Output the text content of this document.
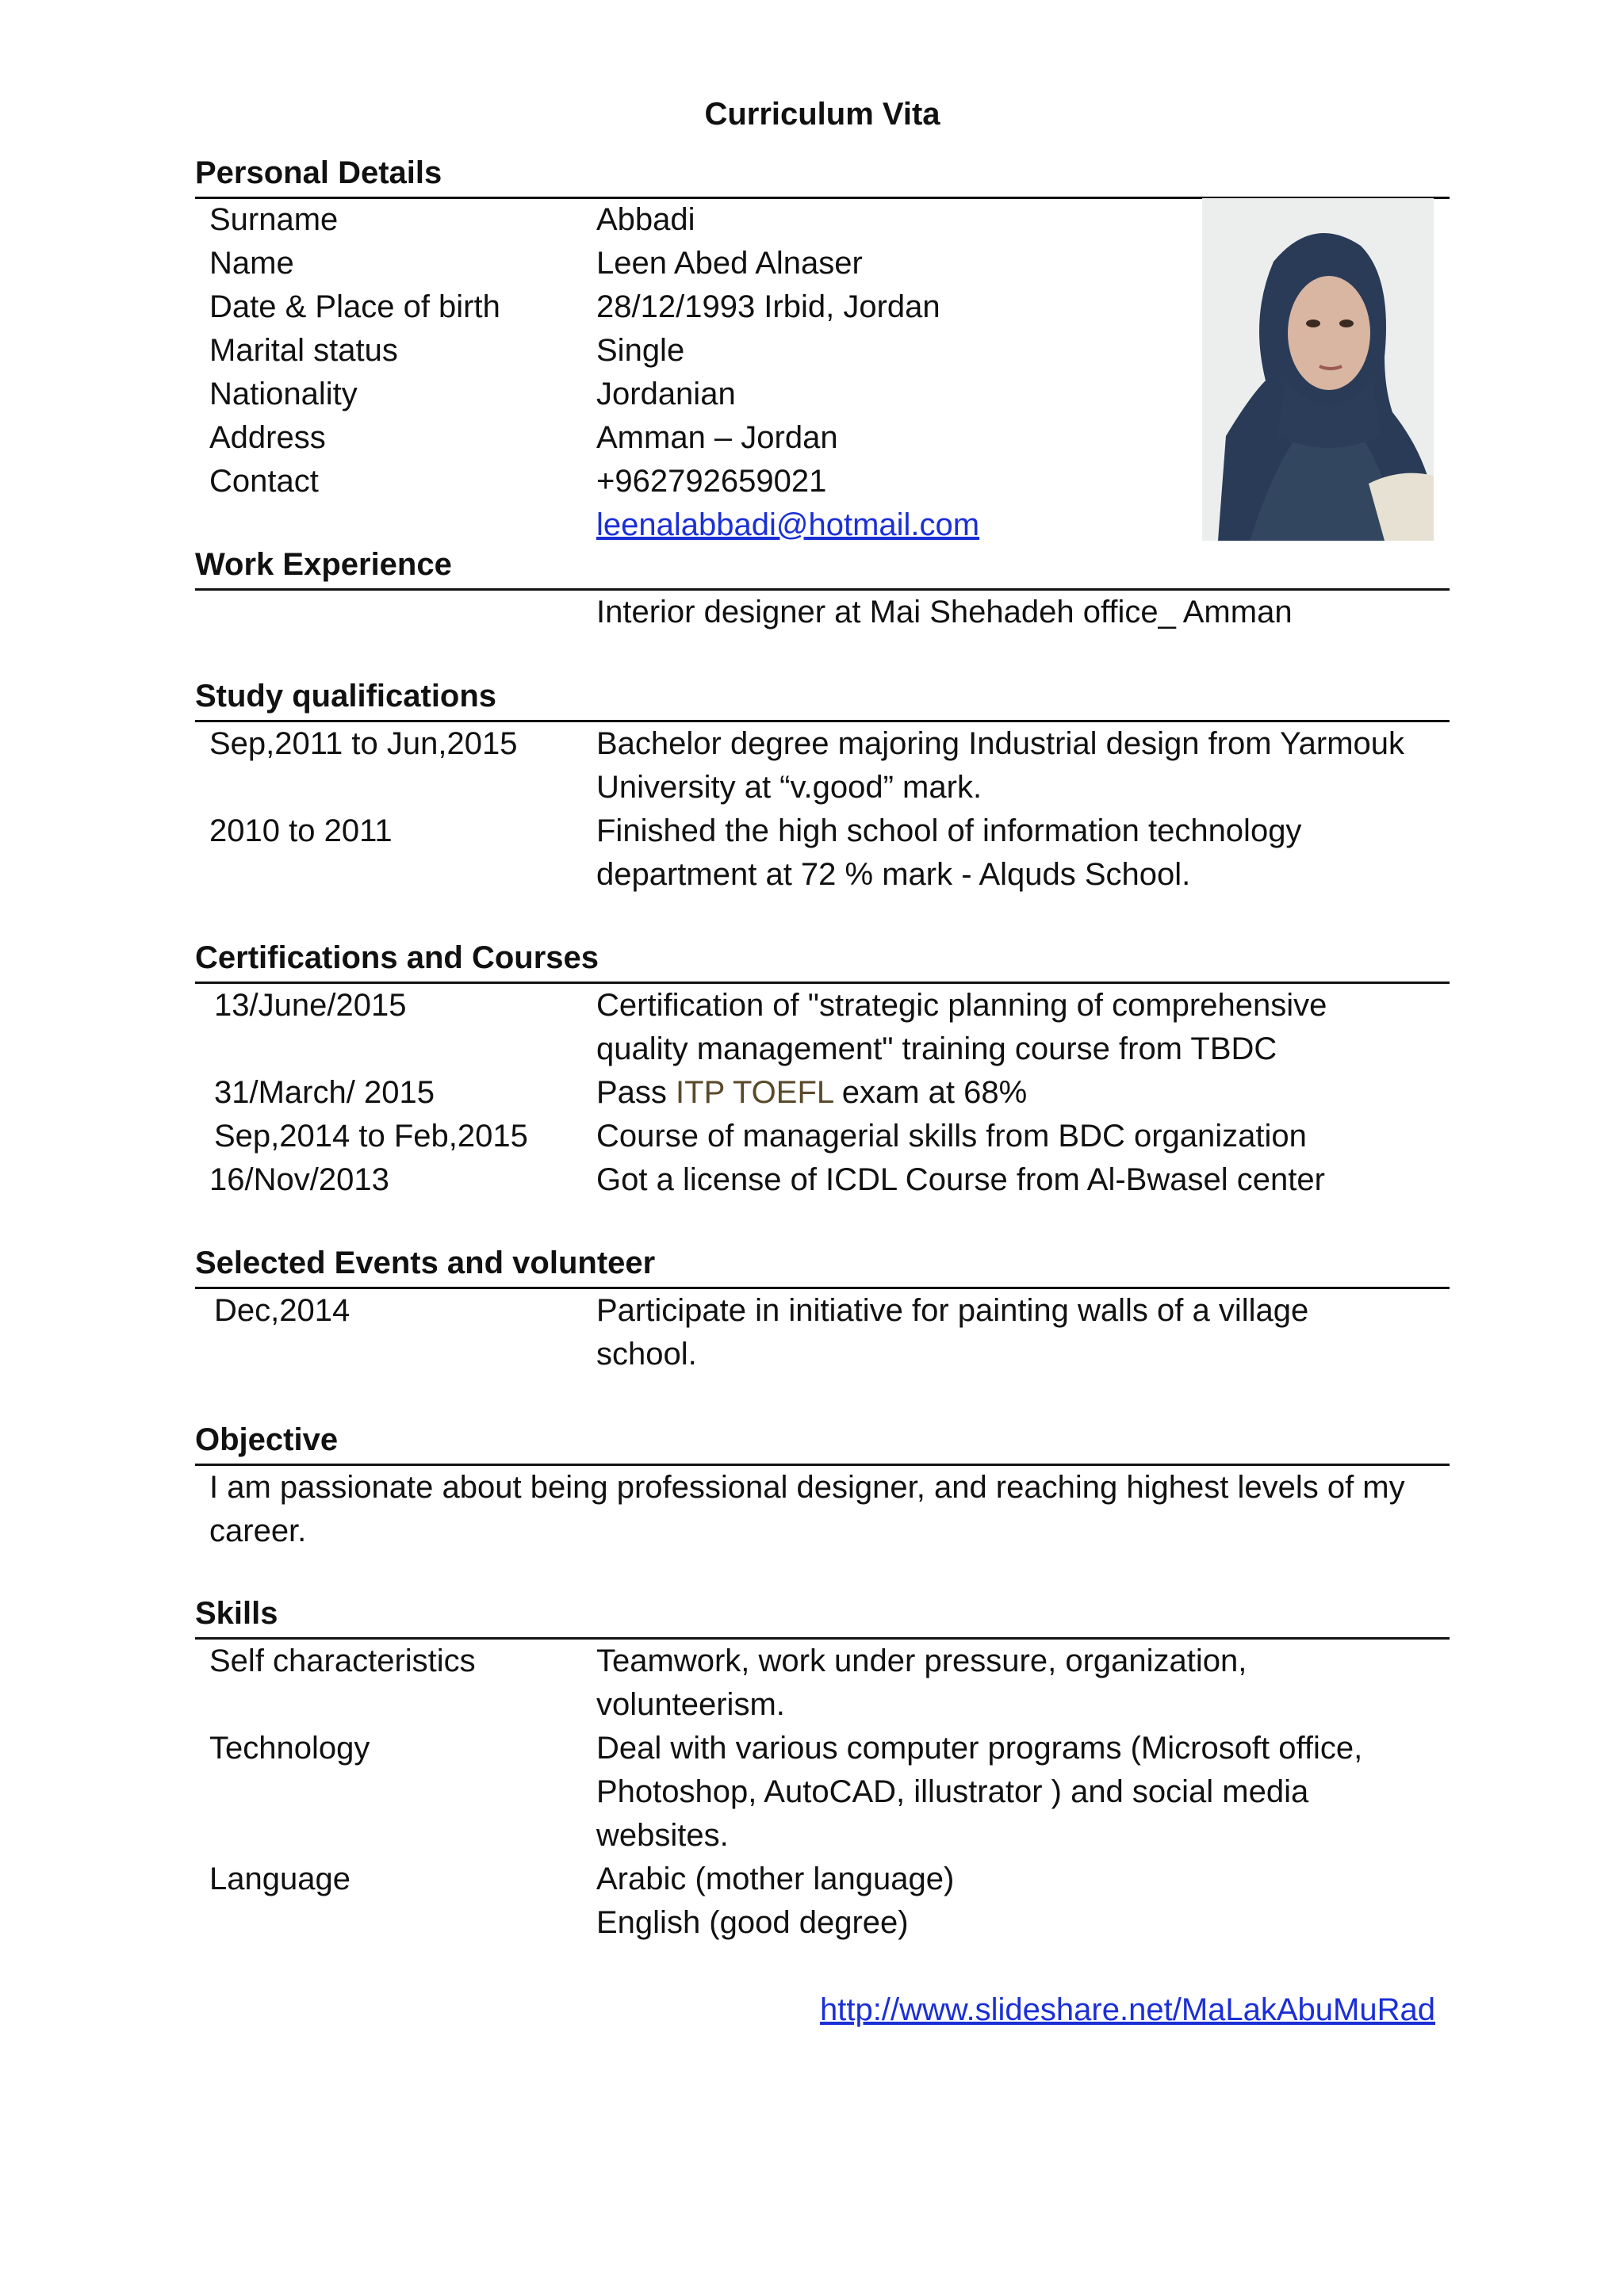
Curriculum Vita
Personal Details
Surname	Abbadi
Name	Leen Abed Alnaser
Date & Place of birth	28/12/1993 Irbid, Jordan
Marital status	Single
Nationality	Jordanian
Address	Amman – Jordan
Contact	+962792659021
leenalabbadi@hotmail.com
Work Experience
Interior designer at Mai Shehadeh office_ Amman
Study qualifications
Sep,2011 to Jun,2015 Bachelor degree majoring Industrial design from Yarmouk University at “v.good” mark.
2010 to 2011	Finished the high school of information technology department at 72 % mark - Alquds School.
Certifications and Courses
13/June/2015	Certification of "strategic planning of comprehensive quality management" training course from TBDC
31/March/ 2015	Pass ITP TOEFL exam at 68%
Sep,2014 to Feb,2015 Course of managerial skills from BDC organization
16/Nov/2013	Got a license of ICDL Course from Al-Bwasel center
Selected Events and volunteer
Dec,2014	Participate in initiative for painting walls of a village school.
Objective
I am passionate about being professional designer, and reaching highest levels of my career.
Skills
Self characteristics	Teamwork, work under pressure, organization, volunteerism.
Technology	Deal with various computer programs (Microsoft office, Photoshop, AutoCAD, illustrator ) and social media websites.
Language	Arabic (mother language)
English (good degree)
http://www.slideshare.net/MaLakAbuMuRad
